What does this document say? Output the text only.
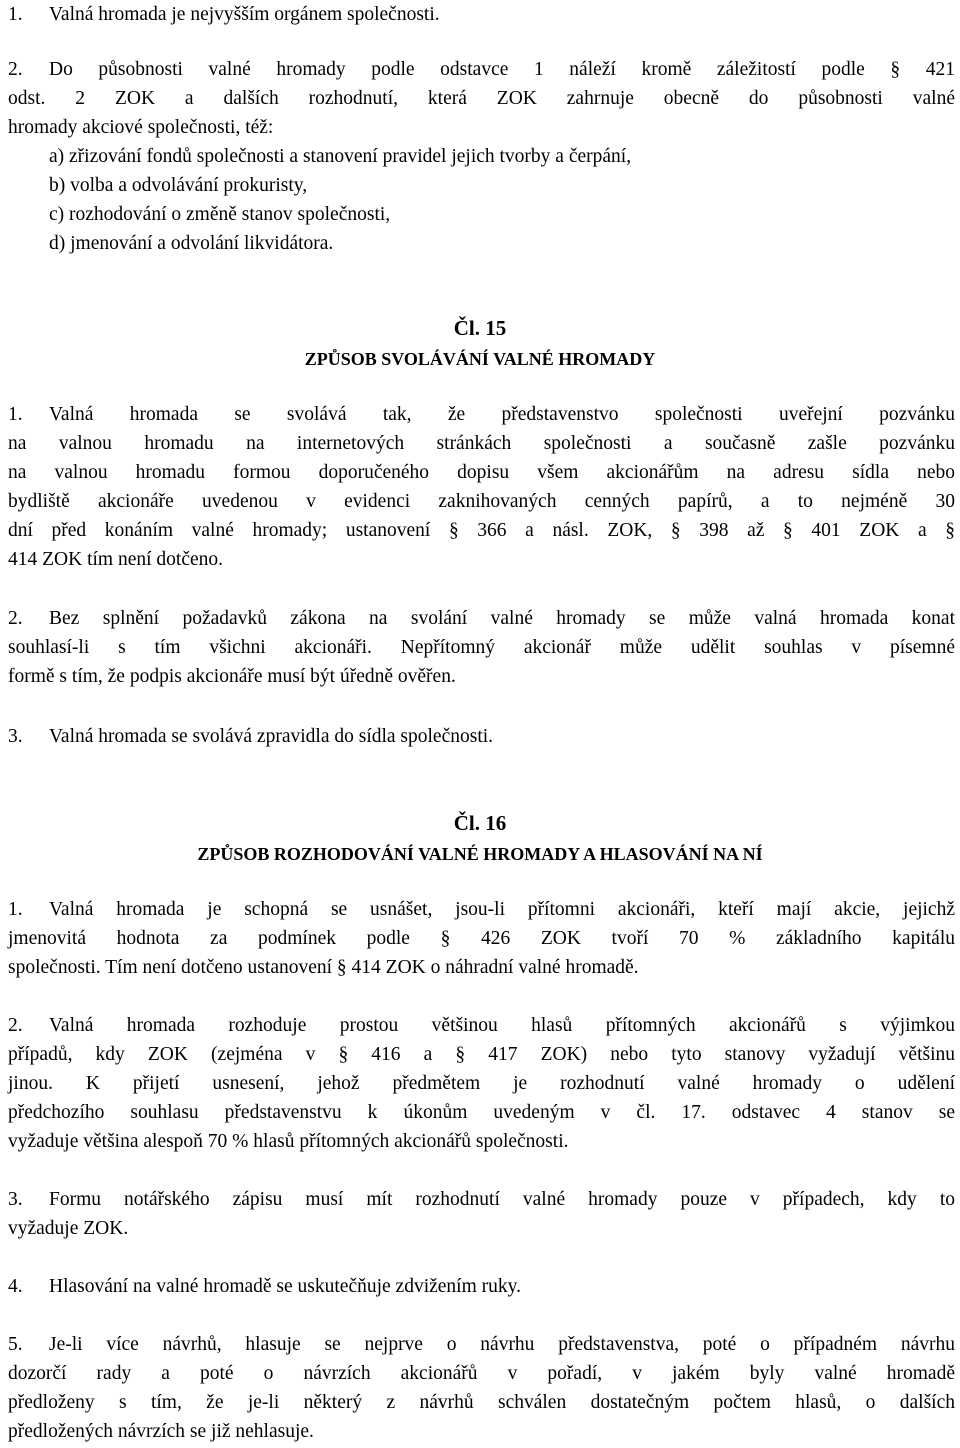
1.	Valná hromada je nejvyšším orgánem společnosti.
2.	Do působnosti valné hromady podle odstavce 1 náleží kromě záležitostí podle § 421
odst. 2 ZOK a dalších rozhodnutí, která ZOK zahrnuje obecně do působnosti valné
hromady akciové společnosti, též:
a) zřizování fondů společnosti a stanovení pravidel jejich tvorby a čerpání,
b) volba a odvolávání prokuristy,
c) rozhodování o změně stanov společnosti,
d) jmenování a odvolání likvidátora.
Čl. 15
ZPŮSOB SVOLÁVÁNÍ VALNÉ HROMADY
1.	Valná hromada se svolává tak, že představenstvo společnosti uveřejní pozvánku
na valnou hromadu na internetových stránkách společnosti a současně zašle pozvánku
na valnou hromadu formou doporučeného dopisu všem akcionářům na adresu sídla nebo
bydliště akcionáře uvedenou v evidenci zaknihovaných cenných papírů, a to nejméně 30
dní před konáním valné hromady; ustanovení § 366 a násl. ZOK, § 398 až § 401 ZOK a §
414 ZOK tím není dotčeno.
2.	Bez splnění požadavků zákona na svolání valné hromady se může valná hromada konat
souhlasí-li s tím všichni akcionáři. Nepřítomný akcionář může udělit souhlas v písemné
formě s tím, že podpis akcionáře musí být úředně ověřen.
3.	Valná hromada se svolává zpravidla do sídla společnosti.
Čl. 16
ZPŮSOB ROZHODOVÁNÍ VALNÉ HROMADY A HLASOVÁNÍ NA NÍ
1.	Valná hromada je schopná se usnášet, jsou-li přítomni akcionáři, kteří mají akcie, jejichž
jmenovitá hodnota za podmínek podle § 426 ZOK tvoří 70 % základního kapitálu
společnosti. Tím není dotčeno ustanovení § 414 ZOK o náhradní valné hromadě.
2.	Valná hromada rozhoduje prostou většinou hlasů přítomných akcionářů s výjimkou
případů, kdy ZOK (zejména v § 416 a § 417 ZOK) nebo tyto stanovy vyžadují většinu
jinou. K přijetí usnesení, jehož předmětem je rozhodnutí valné hromady o udělení
předchozího souhlasu představenstvu k úkonům uvedeným v čl. 17. odstavec 4 stanov se
vyžaduje většina alespoň 70 % hlasů přítomných akcionářů společnosti.
3.	Formu notářského zápisu musí mít rozhodnutí valné hromady pouze v případech, kdy to
vyžaduje ZOK.
4.	Hlasování na valné hromadě se uskutečňuje zdvižením ruky.
5.	Je-li více návrhů, hlasuje se nejprve o návrhu představenstva, poté o případném návrhu
dozorčí rady a poté o návrzích akcionářů v pořadí, v jakém byly valné hromadě
předloženy s tím, že je-li některý z návrhů schválen dostatečným počtem hlasů, o dalších
předložených návrzích se již nehlasuje.
